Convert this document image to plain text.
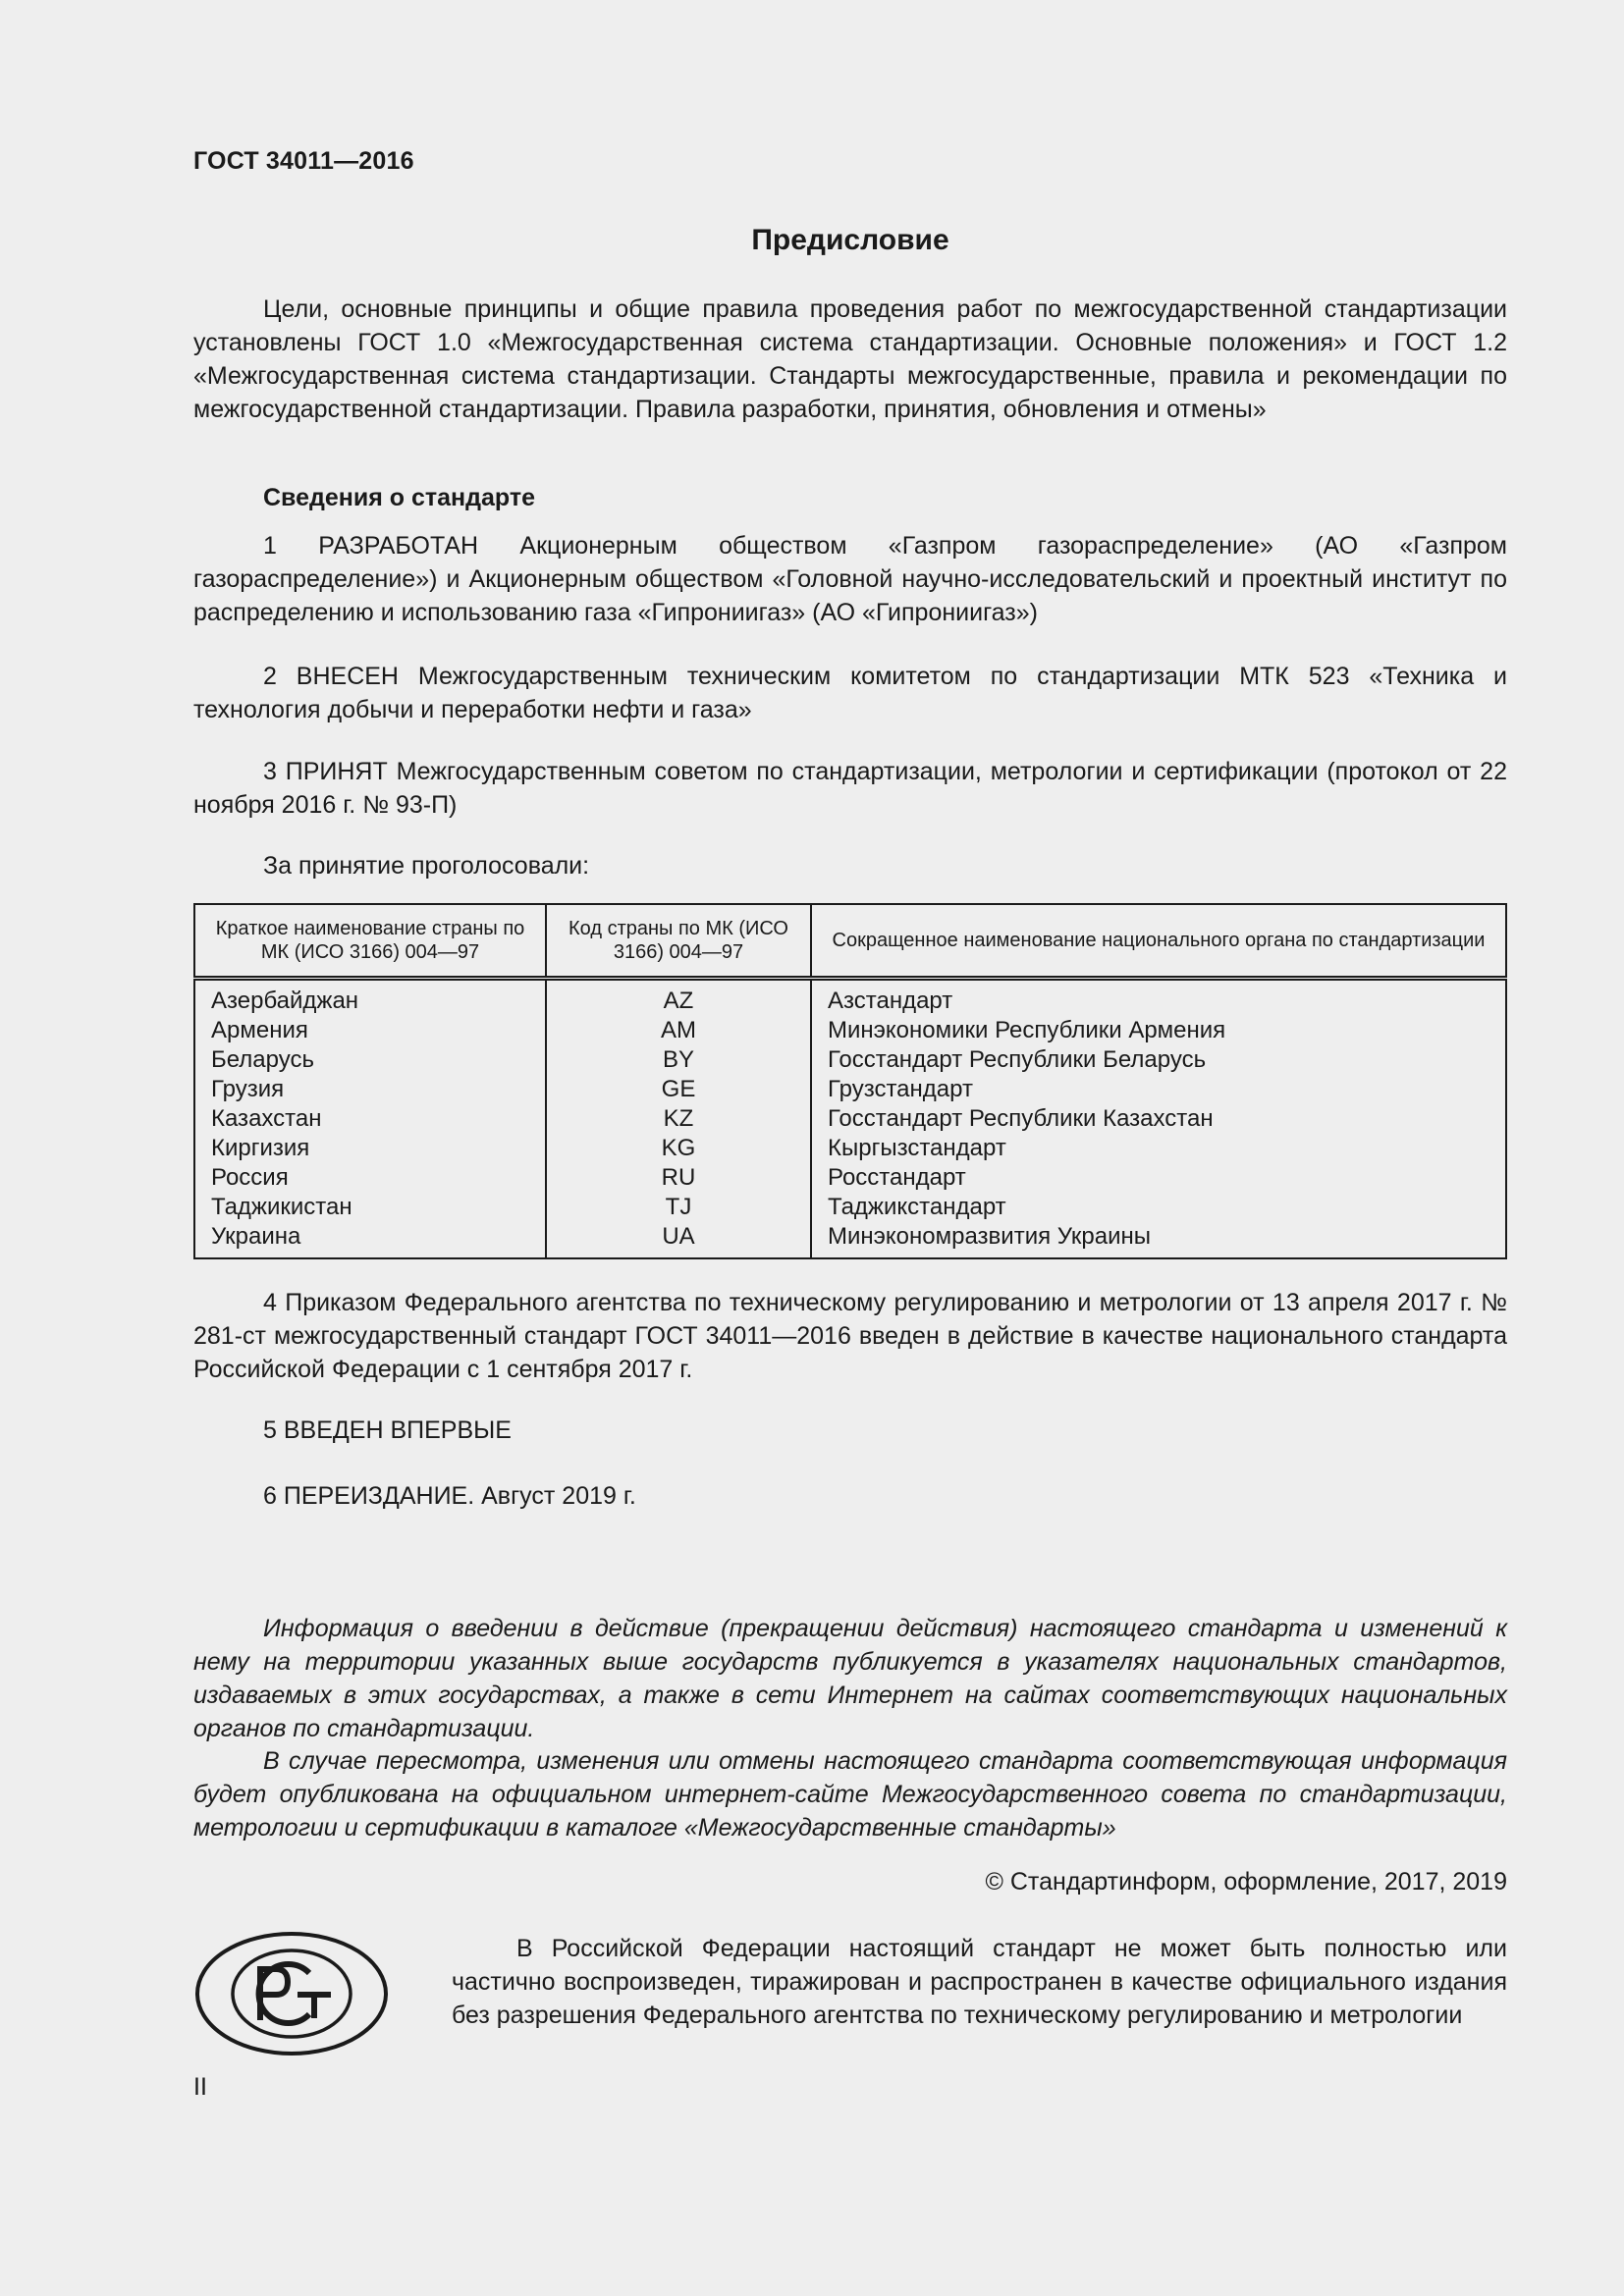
ГОСТ 34011—2016
Предисловие

Цели, основные принципы и общие правила проведения работ по межгосударственной стандартизации установлены ГОСТ 1.0 «Межгосударственная система стандартизации. Основные положения» и ГОСТ 1.2 «Межгосударственная система стандартизации. Стандарты межгосударственные, правила и рекомендации по межгосударственной стандартизации. Правила разработки, принятия, обновления и отмены»

Сведения о стандарте

1 РАЗРАБОТАН Акционерным обществом «Газпром газораспределение» (АО «Газпром газораспределение») и Акционерным обществом «Головной научно-исследовательский и проектный институт по распределению и использованию газа «Гипрониигаз» (АО «Гипрониигаз»)

2 ВНЕСЕН Межгосударственным техническим комитетом по стандартизации МТК 523 «Техника и технология добычи и переработки нефти и газа»

3 ПРИНЯТ Межгосударственным советом по стандартизации, метрологии и сертификации (протокол от 22 ноября 2016 г. № 93-П)

За принятие проголосовали:
Краткое наименование страны по МК (ИСО 3166) 004—97	Код страны по МК (ИСО 3166) 004—97	Сокращенное наименование национального органа по стандартизации
Азербайджан	AZ	Азстандарт
Армения	AM	Минэкономики Республики Армения
Беларусь	BY	Госстандарт Республики Беларусь
Грузия	GE	Грузстандарт
Казахстан	KZ	Госстандарт Республики Казахстан
Киргизия	KG	Кыргызстандарт
Россия	RU	Росстандарт
Таджикистан	TJ	Таджикстандарт
Украина	UA	Минэкономразвития Украины

4 Приказом Федерального агентства по техническому регулированию и метрологии от 13 апреля 2017 г. № 281-ст межгосударственный стандарт ГОСТ 34011—2016 введен в действие в качестве национального стандарта Российской Федерации с 1 сентября 2017 г.

5 ВВЕДЕН ВПЕРВЫЕ
6 ПЕРЕИЗДАНИЕ. Август 2019 г.

Информация о введении в действие (прекращении действия) настоящего стандарта и изменений к нему на территории указанных выше государств публикуется в указателях национальных стандартов, издаваемых в этих государствах, а также в сети Интернет на сайтах соответствующих национальных органов по стандартизации.

В случае пересмотра, изменения или отмены настоящего стандарта соответствующая информация будет опубликована на официальном интернет-сайте Межгосударственного совета по стандартизации, метрологии и сертификации в каталоге «Межгосударственные стандарты»

© Стандартинформ, оформление, 2017, 2019

В Российской Федерации настоящий стандарт не может быть полностью или частично воспроизведен, тиражирован и распространен в качестве официального издания без разрешения Федерального агентства по техническому регулированию и метрологии

II
